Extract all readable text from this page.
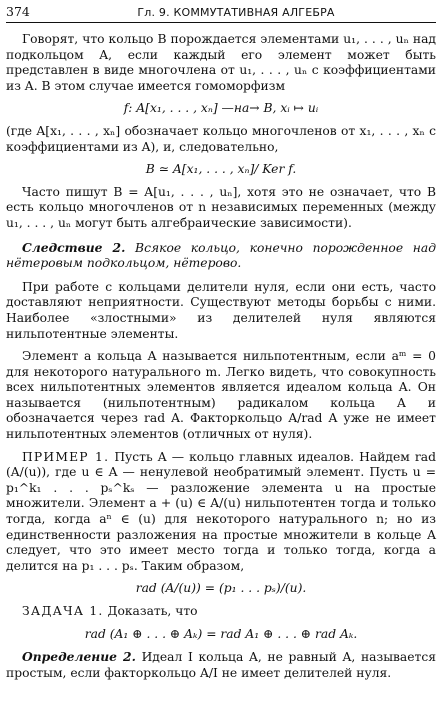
374	Гл. 9. КОММУТАТИВНАЯ АЛГЕБРА

Говорят, что кольцо B порождается элементами u₁, . . . , uₙ над подкольцом A, если каждый его элемент может быть представлен в виде многочлена от u₁, . . . , uₙ с коэффициентами из A. В этом случае имеется гомоморфизм

f: A[x₁, . . . , xₙ] —на→ B, xᵢ ↦ uᵢ

(где A[x₁, . . . , xₙ] обозначает кольцо многочленов от x₁, . . . , xₙ с коэффициентами из A), и, следовательно,

B ≃ A[x₁, . . . , xₙ]/ Ker f.

Часто пишут B = A[u₁, . . . , uₙ], хотя это не означает, что B есть кольцо многочленов от n независимых переменных (между u₁, . . . , uₙ могут быть алгебраические зависимости).

Следствие 2. Всякое кольцо, конечно порожденное над нётеровым подкольцом, нётерово.

При работе с кольцами делители нуля, если они есть, часто доставляют неприятности. Существуют методы борьбы с ними. Наиболее «злостными» из делителей нуля являются нильпотентные элементы.

Элемент a кольца A называется нильпотентным, если aᵐ = 0 для некоторого натурального m. Легко видеть, что совокупность всех нильпотентных элементов является идеалом кольца A. Он называется (нильпотентным) радикалом кольца A и обозначается через rad A. Факторкольцо A/rad A уже не имеет нильпотентных элементов (отличных от нуля).

ПРИМЕР 1. Пусть A — кольцо главных идеалов. Найдем rad (A/(u)), где u ∈ A — ненулевой необратимый элемент. Пусть u = p₁^k₁ . . . pₛ^kₛ — разложение элемента u на простые множители. Элемент a + (u) ∈ A/(u) нильпотентен тогда и только тогда, когда aⁿ ∈ (u) для некоторого натурального n; но из единственности разложения на простые множители в кольце A следует, что это имеет место тогда и только тогда, когда a делится на p₁ . . . pₛ. Таким образом,

rad (A/(u)) = (p₁ . . . pₛ)/(u).

ЗАДАЧА 1. Доказать, что

rad (A₁ ⊕ . . . ⊕ Aₖ) = rad A₁ ⊕ . . . ⊕ rad Aₖ.

Определение 2. Идеал I кольца A, не равный A, называется простым, если факторкольцо A/I не имеет делителей нуля.
